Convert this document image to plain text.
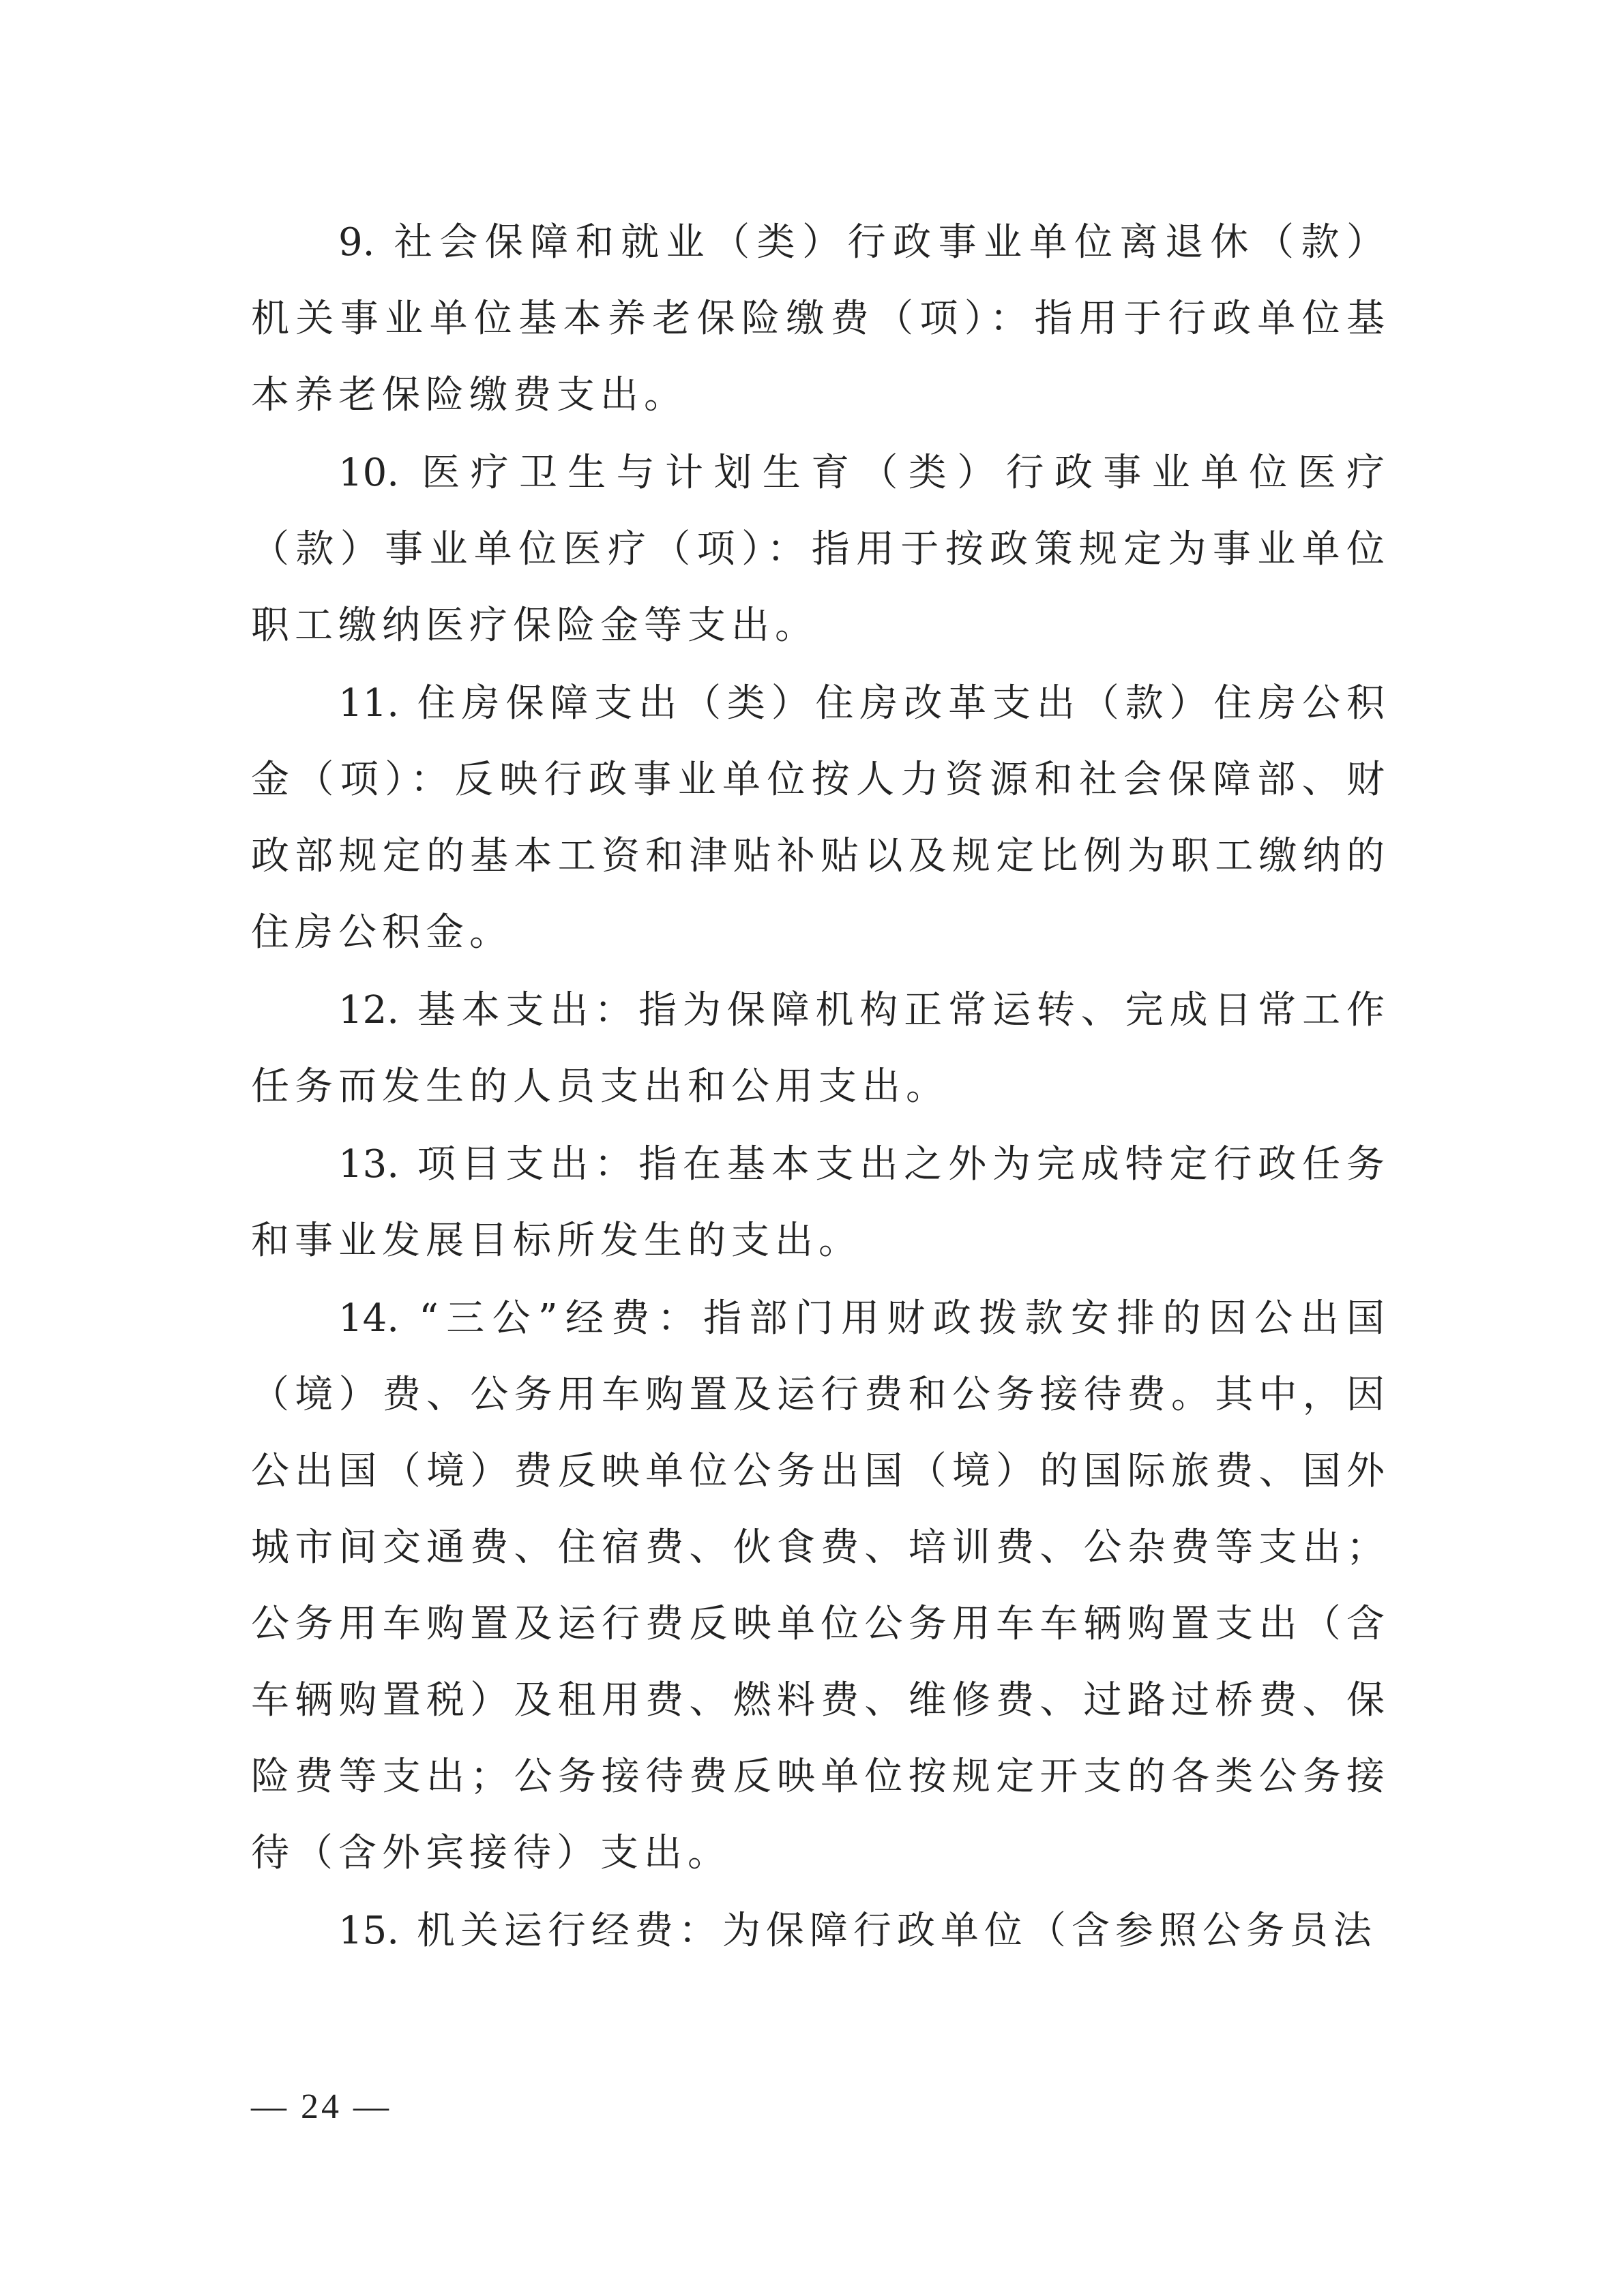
9. 社会保障和就业（类）行政事业单位离退休（款）机关事业单位基本养老保险缴费（项）：指用于行政单位基本养老保险缴费支出。

10. 医疗卫生与计划生育（类）行政事业单位医疗（款）事业单位医疗（项）：指用于按政策规定为事业单位职工缴纳医疗保险金等支出。

11. 住房保障支出（类）住房改革支出（款）住房公积金（项）：反映行政事业单位按人力资源和社会保障部、财政部规定的基本工资和津贴补贴以及规定比例为职工缴纳的住房公积金。

12. 基本支出：指为保障机构正常运转、完成日常工作任务而发生的人员支出和公用支出。

13. 项目支出：指在基本支出之外为完成特定行政任务和事业发展目标所发生的支出。

14. “三公”经费：指部门用财政拨款安排的因公出国（境）费、公务用车购置及运行费和公务接待费。其中，因公出国（境）费反映单位公务出国（境）的国际旅费、国外城市间交通费、住宿费、伙食费、培训费、公杂费等支出；公务用车购置及运行费反映单位公务用车车辆购置支出（含车辆购置税）及租用费、燃料费、维修费、过路过桥费、保险费等支出；公务接待费反映单位按规定开支的各类公务接待（含外宾接待）支出。

15. 机关运行经费：为保障行政单位（含参照公务员法

— 24 —
